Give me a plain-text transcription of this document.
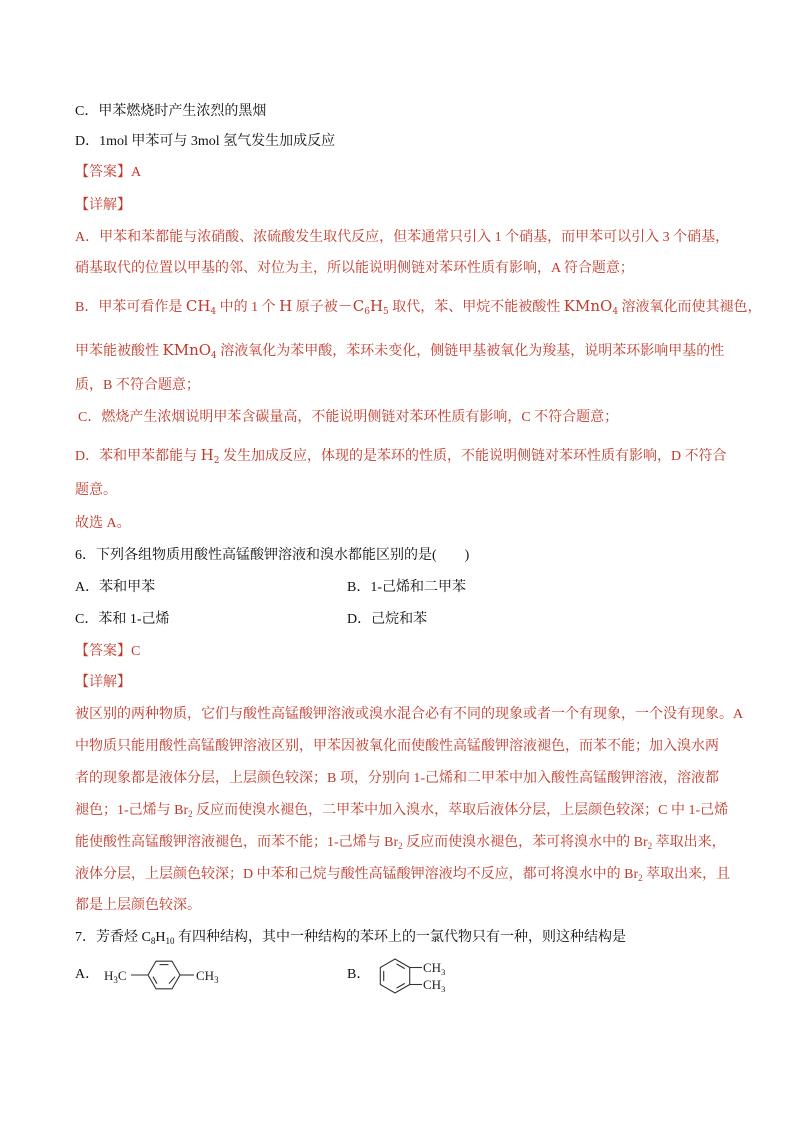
C．甲苯燃烧时产生浓烈的黑烟
D．1mol 甲苯可与 3mol 氢气发生加成反应
【答案】A
【详解】
A．甲苯和苯都能与浓硝酸、浓硫酸发生取代反应，但苯通常只引入 1 个硝基，而甲苯可以引入 3 个硝基，
硝基取代的位置以甲基的邻、对位为主，所以能说明侧链对苯环性质有影响，A 符合题意；
B．甲苯可看作是 $CH_4$ 中的 1 个 H 原子被$-C_6H_5$ 取代，苯、甲烷不能被酸性 KMnO$_4$ 溶液氧化而使其褪色，
甲苯能被酸性 KMnO$_4$ 溶液氧化为苯甲酸，苯环未变化，侧链甲基被氧化为羧基，说明苯环影响甲基的性
质，B 不符合题意；
C．燃烧产生浓烟说明甲苯含碳量高，不能说明侧链对苯环性质有影响，C 不符合题意；
D．苯和甲苯都能与 $H_2$ 发生加成反应，体现的是苯环的性质，不能说明侧链对苯环性质有影响，D 不符合
题意。
故选 A。
6．下列各组物质用酸性高锰酸钾溶液和溴水都能区别的是(　　)
A．苯和甲苯	B．1-己烯和二甲苯
C．苯和 1-己烯	D．己烷和苯
【答案】C
【详解】
被区别的两种物质，它们与酸性高锰酸钾溶液或溴水混合必有不同的现象或者一个有现象，一个没有现象。A
中物质只能用酸性高锰酸钾溶液区别，甲苯因被氧化而使酸性高锰酸钾溶液褪色，而苯不能；加入溴水两
者的现象都是液体分层，上层颜色较深；B 项，分别向 1-己烯和二甲苯中加入酸性高锰酸钾溶液，溶液都
褪色；1-己烯与 $Br_2$ 反应而使溴水褪色，二甲苯中加入溴水，萃取后液体分层，上层颜色较深；C 中 1-己烯
能使酸性高锰酸钾溶液褪色，而苯不能；1-己烯与 $Br_2$ 反应而使溴水褪色，苯可将溴水中的 $Br_2$ 萃取出来，
液体分层，上层颜色较深；D 中苯和己烷与酸性高锰酸钾溶液均不反应，都可将溴水中的 $Br_2$ 萃取出来，且
都是上层颜色较深。
7．芳香烃 $C_8H_{10}$ 有四种结构，其中一种结构的苯环上的一氯代物只有一种，则这种结构是
A．	B．
$H_3C$	$CH_3$
$CH_3$
$CH_3$
